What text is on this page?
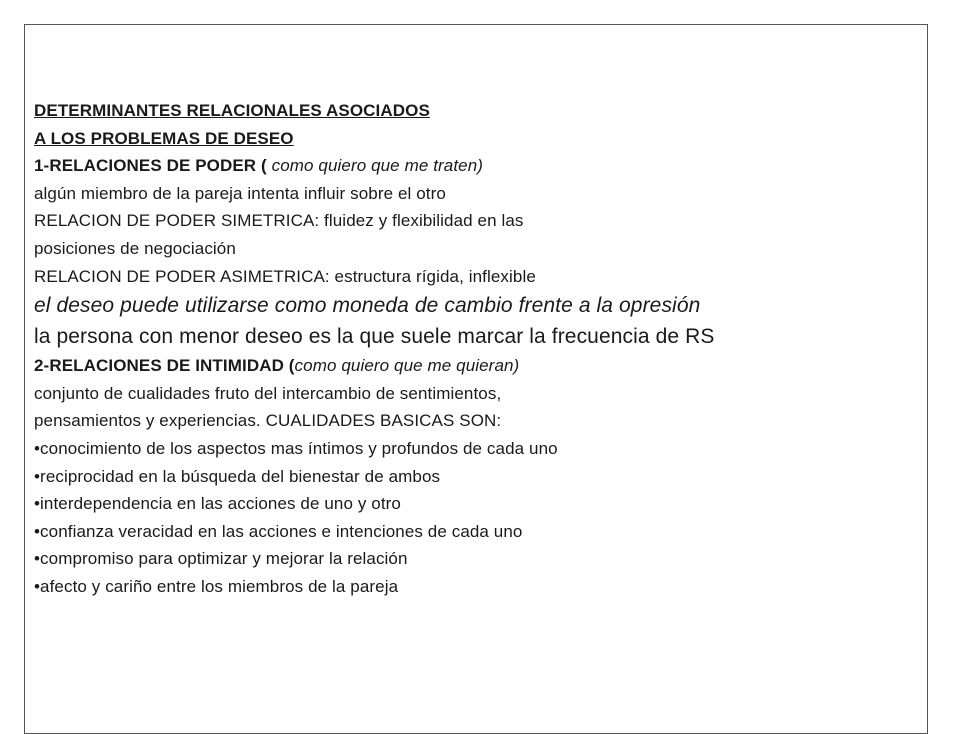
DETERMINANTES RELACIONALES ASOCIADOS
A LOS PROBLEMAS DE DESEO
1-RELACIONES DE PODER ( como quiero que me traten)
algún miembro de la pareja intenta influir sobre el otro
RELACION DE PODER SIMETRICA: fluidez y flexibilidad en las
posiciones de negociación
RELACION DE PODER ASIMETRICA: estructura rígida, inflexible
el deseo puede utilizarse como moneda de cambio frente a la opresión
la persona con menor deseo es la que suele marcar la frecuencia de RS
2-RELACIONES DE INTIMIDAD (como quiero que me quieran)
conjunto de cualidades fruto del intercambio de sentimientos,
pensamientos y experiencias. CUALIDADES BASICAS SON:
•conocimiento de los aspectos mas íntimos y profundos de cada uno
•reciprocidad en la búsqueda del bienestar de ambos
•interdependencia en las acciones de uno y otro
•confianza veracidad en las acciones e intenciones de cada uno
•compromiso para optimizar y mejorar la relación
•afecto y cariño entre los miembros de la pareja
